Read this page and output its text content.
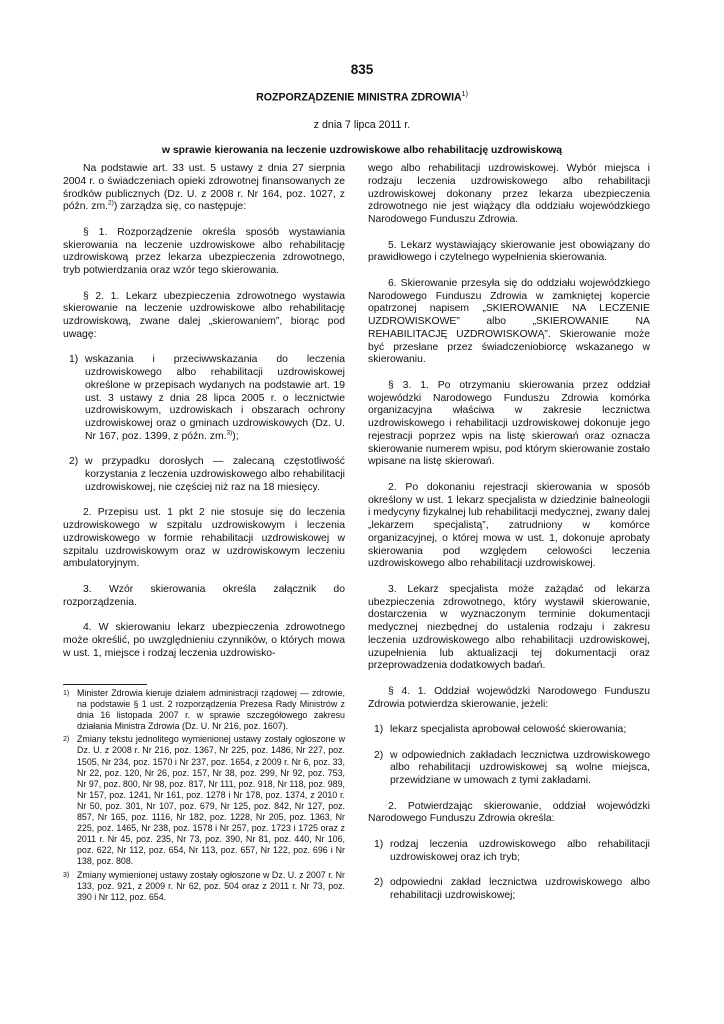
835
ROZPORZĄDZENIE MINISTRA ZDROWIA$^{1)}$
z dnia 7 lipca 2011 r.
w sprawie kierowania na leczenie uzdrowiskowe albo rehabilitację uzdrowiskową

Na podstawie art. 33 ust. 5 ustawy z dnia 27 sierpnia 2004 r. o świadczeniach opieki zdrowotnej finansowanych ze środków publicznych (Dz. U. z 2008 r. Nr 164, poz. 1027, z późn. zm.$^{2)}$) zarządza się, co następuje:

§ 1. Rozporządzenie określa sposób wystawiania skierowania na leczenie uzdrowiskowe albo rehabilitację uzdrowiskową przez lekarza ubezpieczenia zdrowotnego, tryb potwierdzania oraz wzór tego skierowania.

§ 2. 1. Lekarz ubezpieczenia zdrowotnego wystawia skierowanie na leczenie uzdrowiskowe albo rehabilitację uzdrowiskową, zwane dalej „skierowaniem”, biorąc pod uwagę:

1) wskazania i przeciwwskazania do leczenia uzdrowiskowego albo rehabilitacji uzdrowiskowej określone w przepisach wydanych na podstawie art. 19 ust. 3 ustawy z dnia 28 lipca 2005 r. o lecznictwie uzdrowiskowym, uzdrowiskach i obszarach ochrony uzdrowiskowej oraz o gminach uzdrowiskowych (Dz. U. Nr 167, poz. 1399, z późn. zm.$^{3)}$);
2) w przypadku dorosłych — zalecaną częstotliwość korzystania z leczenia uzdrowiskowego albo rehabilitacji uzdrowiskowej, nie częściej niż raz na 18 miesięcy.

2. Przepisu ust. 1 pkt 2 nie stosuje się do leczenia uzdrowiskowego w szpitalu uzdrowiskowym i leczenia uzdrowiskowego w formie rehabilitacji uzdrowiskowej w szpitalu uzdrowiskowym oraz w uzdrowiskowym leczeniu ambulatoryjnym.

3. Wzór skierowania określa załącznik do rozporządzenia.

4. W skierowaniu lekarz ubezpieczenia zdrowotnego może określić, po uwzględnieniu czynników, o których mowa w ust. 1, miejsce i rodzaj leczenia uzdrowisko-

1) Minister Zdrowia kieruje działem administracji rządowej — zdrowie, na podstawie § 1 ust. 2 rozporządzenia Prezesa Rady Ministrów z dnia 16 listopada 2007 r. w sprawie szczegółowego zakresu działania Ministra Zdrowia (Dz. U. Nr 216, poz. 1607).
2) Zmiany tekstu jednolitego wymienionej ustawy zostały ogłoszone w Dz. U. z 2008 r. Nr 216, poz. 1367, Nr 225, poz. 1486, Nr 227, poz. 1505, Nr 234, poz. 1570 i Nr 237, poz. 1654, z 2009 r. Nr 6, poz. 33, Nr 22, poz. 120, Nr 26, poz. 157, Nr 38, poz. 299, Nr 92, poz. 753, Nr 97, poz. 800, Nr 98, poz. 817, Nr 111, poz. 918, Nr 118, poz. 989, Nr 157, poz. 1241, Nr 161, poz. 1278 i Nr 178, poz. 1374, z 2010 r. Nr 50, poz. 301, Nr 107, poz. 679, Nr 125, poz. 842, Nr 127, poz. 857, Nr 165, poz. 1116, Nr 182, poz. 1228, Nr 205, poz. 1363, Nr 225, poz. 1465, Nr 238, poz. 1578 i Nr 257, poz. 1723 i 1725 oraz z 2011 r. Nr 45, poz. 235, Nr 73, poz. 390, Nr 81, poz. 440, Nr 106, poz. 622, Nr 112, poz. 654, Nr 113, poz. 657, Nr 122, poz. 696 i Nr 138, poz. 808.
3) Zmiany wymienionej ustawy zostały ogłoszone w Dz. U. z 2007 r. Nr 133, poz. 921, z 2009 r. Nr 62, poz. 504 oraz z 2011 r. Nr 73, poz. 390 i Nr 112, poz. 654.

wego albo rehabilitacji uzdrowiskowej. Wybór miejsca i rodzaju leczenia uzdrowiskowego albo rehabilitacji uzdrowiskowej dokonany przez lekarza ubezpieczenia zdrowotnego nie jest wiążący dla oddziału wojewódzkiego Narodowego Funduszu Zdrowia.

5. Lekarz wystawiający skierowanie jest obowiązany do prawidłowego i czytelnego wypełnienia skierowania.

6. Skierowanie przesyła się do oddziału wojewódzkiego Narodowego Funduszu Zdrowia w zamkniętej kopercie opatrzonej napisem „SKIEROWANIE NA LECZENIE UZDROWISKOWE” albo „SKIEROWANIE NA REHABILITACJĘ UZDROWISKOWĄ”. Skierowanie może być przesłane przez świadczeniobiorcę wskazanego w skierowaniu.

§ 3. 1. Po otrzymaniu skierowania przez oddział wojewódzki Narodowego Funduszu Zdrowia komórka organizacyjna właściwa w zakresie lecznictwa uzdrowiskowego i rehabilitacji uzdrowiskowej dokonuje jego rejestracji poprzez wpis na listę skierowań oraz oznacza skierowanie numerem wpisu, pod którym skierowanie zostało wpisane na listę skierowań.

2. Po dokonaniu rejestracji skierowania w sposób określony w ust. 1 lekarz specjalista w dziedzinie balneologii i medycyny fizykalnej lub rehabilitacji medycznej, zwany dalej „lekarzem specjalistą”, zatrudniony w komórce organizacyjnej, o której mowa w ust. 1, dokonuje aprobaty skierowania pod względem celowości leczenia uzdrowiskowego albo rehabilitacji uzdrowiskowej.

3. Lekarz specjalista może zażądać od lekarza ubezpieczenia zdrowotnego, który wystawił skierowanie, dostarczenia w wyznaczonym terminie dokumentacji medycznej niezbędnej do ustalenia rodzaju i zakresu leczenia uzdrowiskowego albo rehabilitacji uzdrowiskowej, uzupełnienia lub aktualizacji tej dokumentacji oraz przeprowadzenia dodatkowych badań.

§ 4. 1. Oddział wojewódzki Narodowego Funduszu Zdrowia potwierdza skierowanie, jeżeli:

1) lekarz specjalista aprobował celowość skierowania;
2) w odpowiednich zakładach lecznictwa uzdrowiskowego albo rehabilitacji uzdrowiskowej są wolne miejsca, przewidziane w umowach z tymi zakładami.

2. Potwierdzając skierowanie, oddział wojewódzki Narodowego Funduszu Zdrowia określa:

1) rodzaj leczenia uzdrowiskowego albo rehabilitacji uzdrowiskowej oraz ich tryb;
2) odpowiedni zakład lecznictwa uzdrowiskowego albo rehabilitacji uzdrowiskowej;
